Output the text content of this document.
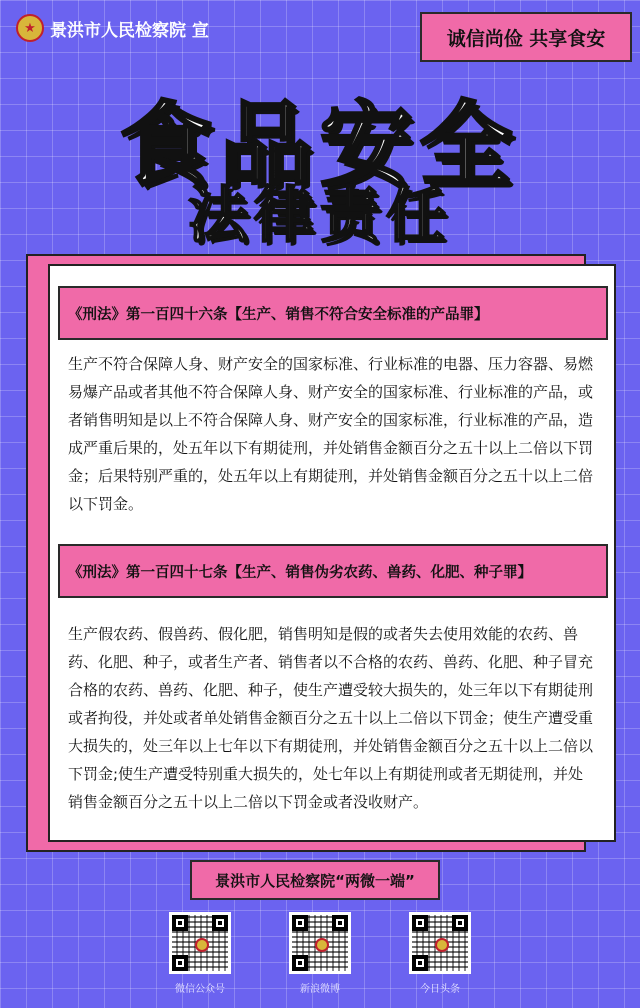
★ 景洪市人民检察院 宣	诚信尚俭 共享食安
食品安全
法律责任
《刑法》第一百四十六条【生产、销售不符合安全标准的产品罪】
生产不符合保障人身、财产安全的国家标准、行业标准的电器、压力容器、易燃易爆产品或者其他不符合保障人身、财产安全的国家标准、行业标准的产品，或者销售明知是以上不符合保障人身、财产安全的国家标准，行业标准的产品，造成严重后果的，处五年以下有期徒刑，并处销售金额百分之五十以上二倍以下罚金；后果特别严重的，处五年以上有期徒刑，并处销售金额百分之五十以上二倍以下罚金。
《刑法》第一百四十七条【生产、销售伪劣农药、兽药、化肥、种子罪】
生产假农药、假兽药、假化肥，销售明知是假的或者失去使用效能的农药、兽药、化肥、种子，或者生产者、销售者以不合格的农药、兽药、化肥、种子冒充合格的农药、兽药、化肥、种子，使生产遭受较大损失的，处三年以下有期徒刑或者拘役，并处或者单处销售金额百分之五十以上二倍以下罚金；使生产遭受重大损失的，处三年以上七年以下有期徒刑，并处销售金额百分之五十以上二倍以下罚金;使生产遭受特别重大损失的，处七年以上有期徒刑或者无期徒刑，并处销售金额百分之五十以上二倍以下罚金或者没收财产。
景洪市人民检察院“两微一端”
微信公众号	新浪微博	今日头条
